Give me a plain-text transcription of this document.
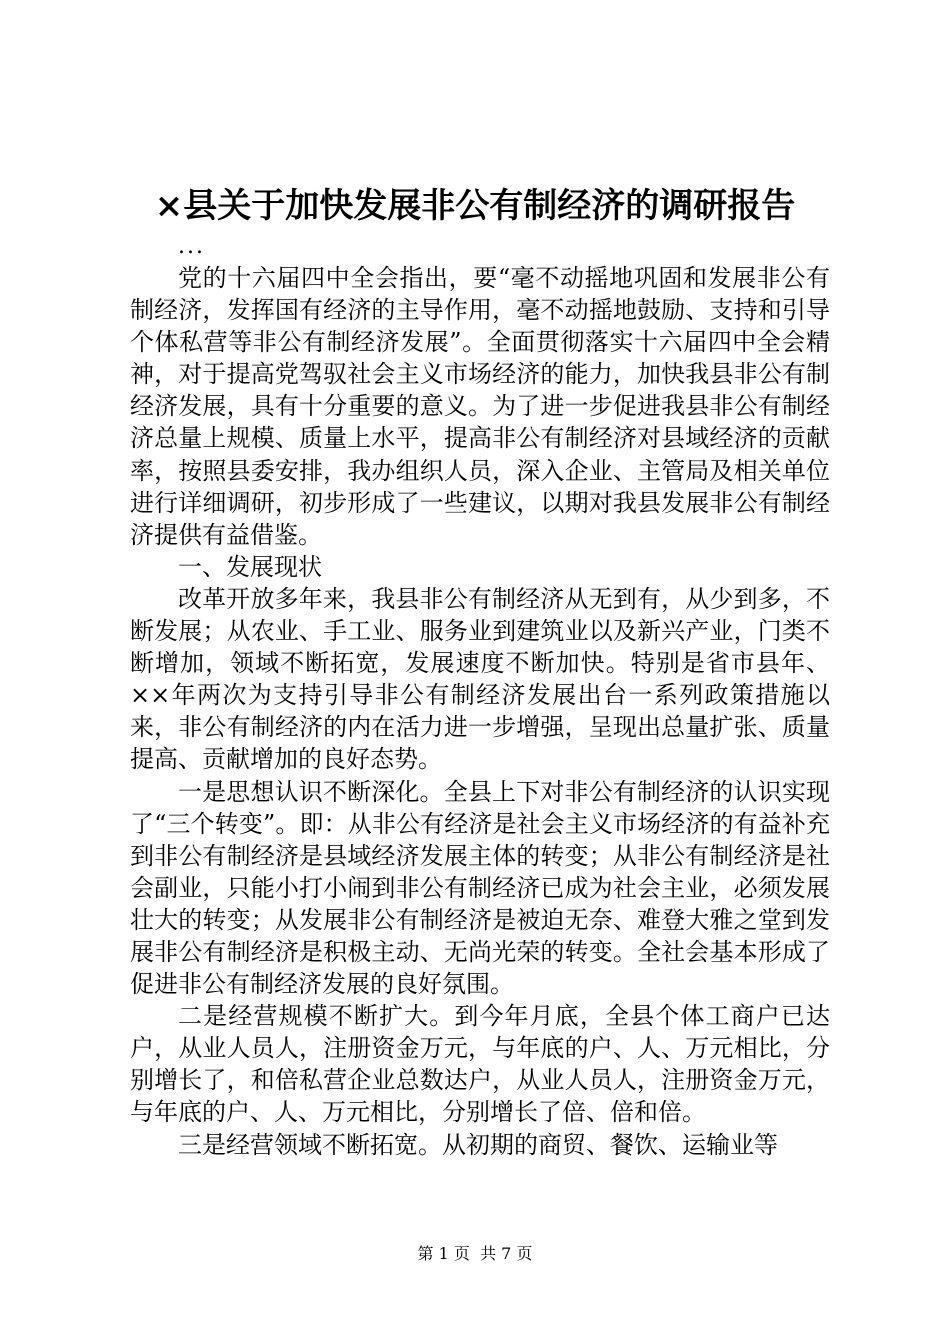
×县关于加快发展非公有制经济的调研报告
...

党的十六届四中全会指出，要“毫不动摇地巩固和发展非公有制经济，发挥国有经济的主导作用，毫不动摇地鼓励、支持和引导个体私营等非公有制经济发展”。全面贯彻落实十六届四中全会精神，对于提高党驾驭社会主义市场经济的能力，加快我县非公有制经济发展，具有十分重要的意义。为了进一步促进我县非公有制经济总量上规模、质量上水平，提高非公有制经济对县域经济的贡献率，按照县委安排，我办组织人员，深入企业、主管局及相关单位进行详细调研，初步形成了一些建议，以期对我县发展非公有制经济提供有益借鉴。

一、发展现状

改革开放多年来，我县非公有制经济从无到有，从少到多，不断发展；从农业、手工业、服务业到建筑业以及新兴产业，门类不断增加，领域不断拓宽，发展速度不断加快。特别是省市县年、××年两次为支持引导非公有制经济发展出台一系列政策措施以来，非公有制经济的内在活力进一步增强，呈现出总量扩张、质量提高、贡献增加的良好态势。

一是思想认识不断深化。全县上下对非公有制经济的认识实现了“三个转变”。即：从非公有经济是社会主义市场经济的有益补充到非公有制经济是县域经济发展主体的转变；从非公有制经济是社会副业，只能小打小闹到非公有制经济已成为社会主业，必须发展壮大的转变；从发展非公有制经济是被迫无奈、难登大雅之堂到发展非公有制经济是积极主动、无尚光荣的转变。全社会基本形成了促进非公有制经济发展的良好氛围。

二是经营规模不断扩大。到今年月底，全县个体工商户已达户，从业人员人，注册资金万元，与年底的户、人、万元相比，分别增长了，和倍私营企业总数达户，从业人员人，注册资金万元，与年底的户、人、万元相比，分别增长了倍、倍和倍。

三是经营领域不断拓宽。从初期的商贸、餐饮、运输业等

第 1 页  共 7 页
